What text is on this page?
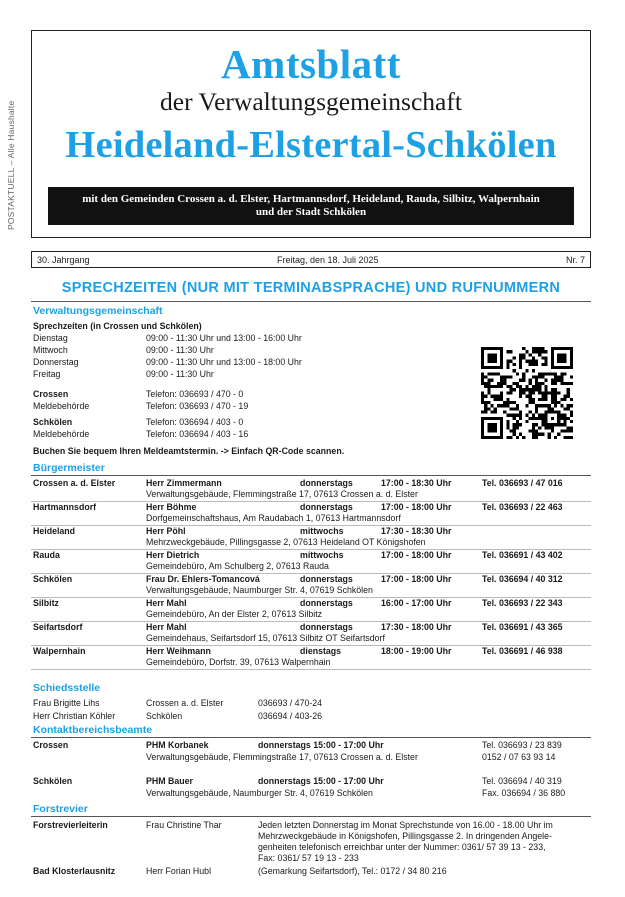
POSTAKTUELL – Alle Haushalte
Amtsblatt
der Verwaltungsgemeinschaft
Heideland-Elstertal-Schkölen
mit den Gemeinden Crossen a. d. Elster, Hartmannsdorf, Heideland, Rauda, Silbitz, Walpernhain
und der Stadt Schkölen
30. Jahrgang	Freitag, den 18. Juli 2025	Nr. 7
SPRECHZEITEN (NUR MIT TERMINABSPRACHE) UND RUFNUMMERN
Verwaltungsgemeinschaft
Sprechzeiten (in Crossen und Schkölen)
Dienstag	09:00 - 11:30 Uhr und 13:00 - 16:00 Uhr
Mittwoch	09:00 - 11:30 Uhr
Donnerstag	09:00 - 11:30 Uhr und 13:00 - 18:00 Uhr
Freitag	09:00 - 11:30 Uhr
Crossen	Telefon: 036693 / 470 - 0
Meldebehörde	Telefon: 036693 / 470 - 19
Schkölen	Telefon: 036694 / 403 - 0
Meldebehörde	Telefon: 036694 / 403 - 16
Buchen Sie bequem Ihren Meldeamtstermin. -> Einfach QR-Code scannen.
Bürgermeister
Crossen a. d. Elster	Herr Zimmermann	donnerstags	17:00 - 18:30 Uhr	Tel. 036693 / 47 016
Verwaltungsgebäude, Flemmingstraße 17, 07613 Crossen a. d. Elster
Hartmannsdorf	Herr Böhme	donnerstags	17:00 - 18:00 Uhr	Tel. 036693 / 22 463
Dorfgemeinschaftshaus, Am Raudabach 1, 07613 Hartmannsdorf
Heideland	Herr Pöhl	mittwochs	17:30 - 18:30 Uhr
Mehrzweckgebäude, Pillingsgasse 2, 07613 Heideland OT Königshofen
Rauda	Herr Dietrich	mittwochs	17:00 - 18:00 Uhr	Tel. 036691 / 43 402
Gemeindebüro, Am Schulberg 2, 07613 Rauda
Schkölen	Frau Dr. Ehlers-Tomancová	donnerstags	17:00 - 18:00 Uhr	Tel. 036694 / 40 312
Verwaltungsgebäude, Naumburger Str. 4, 07619 Schkölen
Silbitz	Herr Mahl	donnerstags	16:00 - 17:00 Uhr	Tel. 036693 / 22 343
Gemeindebüro, An der Elster 2, 07613 Silbitz
Seifartsdorf	Herr Mahl	donnerstags	17:30 - 18:00 Uhr	Tel. 036691 / 43 365
Gemeindehaus, Seifartsdorf 15, 07613 Silbitz OT Seifartsdorf
Walpernhain	Herr Weihmann	dienstags	18:00 - 19:00 Uhr	Tel. 036691 / 46 938
Gemeindebüro, Dorfstr. 39, 07613 Walpernhain
Schiedsstelle
Frau Brigitte Lihs	Crossen a. d. Elster	036693 / 470-24
Herr Christian Köhler	Schkölen	036694 / 403-26
Kontaktbereichsbeamte
Crossen	PHM Korbanek	donnerstags 15:00 - 17:00 Uhr	Tel. 036693 / 23 839
Verwaltungsgebäude, Flemmingstraße 17, 07613 Crossen a. d. Elster	0152 / 07 63 93 14
Schkölen	PHM Bauer	donnerstags 15:00 - 17:00 Uhr	Tel. 036694 / 40 319
Verwaltungsgebäude, Naumburger Str. 4, 07619 Schkölen	Fax. 036694 / 36 880
Forstrevier
Forstrevierleiterin	Frau Christine Thar	Jeden letzten Donnerstag im Monat Sprechstunde von 16.00 - 18.00 Uhr im
Mehrzweckgebäude in Königshofen, Pillingsgasse 2. In dringenden Angele-
genheiten telefonisch erreichbar unter der Nummer: 0361/ 57 39 13 - 233,
Fax: 0361/ 57 19 13 - 233
Bad Klosterlausnitz	Herr Forian Hubl	(Gemarkung Seifartsdorf), Tel.: 0172 / 34 80 216
